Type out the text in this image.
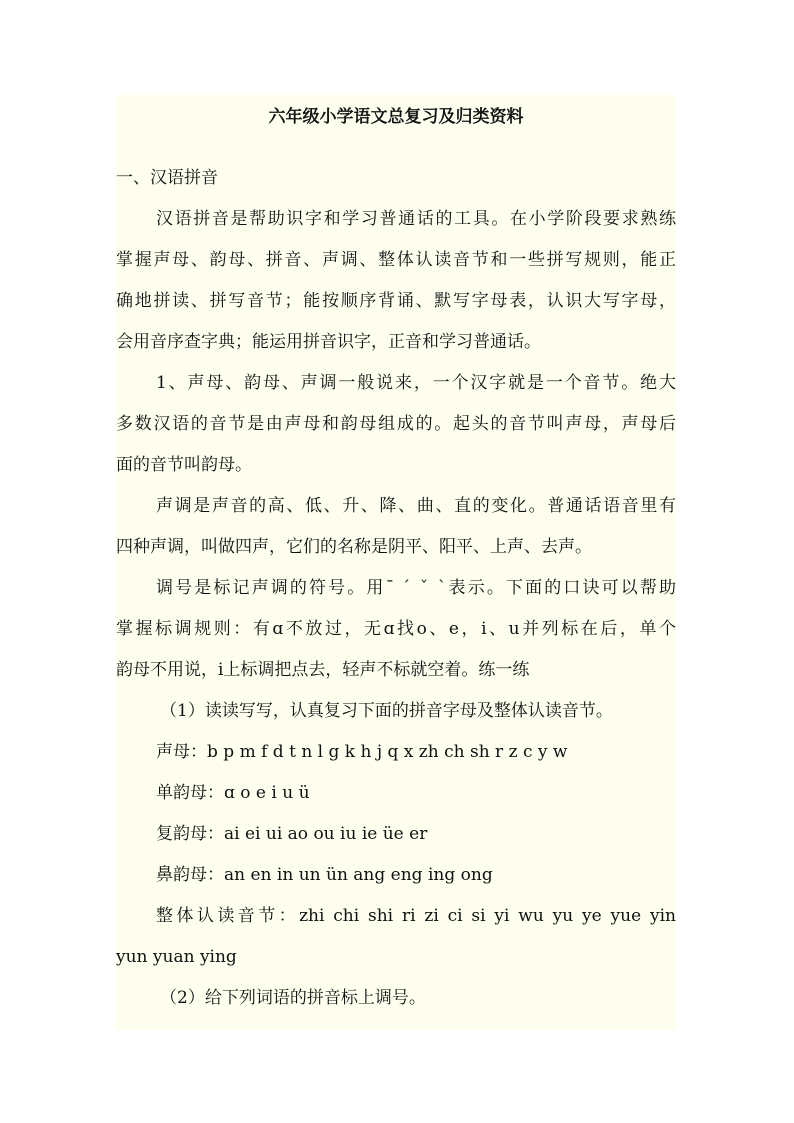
六年级小学语文总复习及归类资料
一、汉语拼音
汉语拼音是帮助识字和学习普通话的工具。在小学阶段要求熟练
掌握声母、韵母、拼音、声调、整体认读音节和一些拼写规则，能正
确地拼读、拼写音节；能按顺序背诵、默写字母表，认识大写字母，
会用音序查字典；能运用拼音识字，正音和学习普通话。
1、声母、韵母、声调一般说来，一个汉字就是一个音节。绝大
多数汉语的音节是由声母和韵母组成的。起头的音节叫声母，声母后
面的音节叫韵母。
声调是声音的高、低、升、降、曲、直的变化。普通话语音里有
四种声调，叫做四声，它们的名称是阴平、阳平、上声、去声。
调号是标记声调的符号。用ˉ ˊ ˇ ˋ表示。下面的口诀可以帮助
掌握标调规则：有ɑ不放过，无ɑ找o、e，i、u并列标在后，单个
韵母不用说，i上标调把点去，轻声不标就空着。练一练
（1）读读写写，认真复习下面的拼音字母及整体认读音节。
声母：b p m f d t n l g k h j q x zh ch sh r z c y w
单韵母：ɑ o e i u ü
复韵母：ai ei ui ao ou iu ie üe er
鼻韵母：an en in un ün ang eng ing ong
整体认读音节：zhi chi shi ri zi ci si yi wu yu ye yue yin
yun yuan ying
（2）给下列词语的拼音标上调号。
